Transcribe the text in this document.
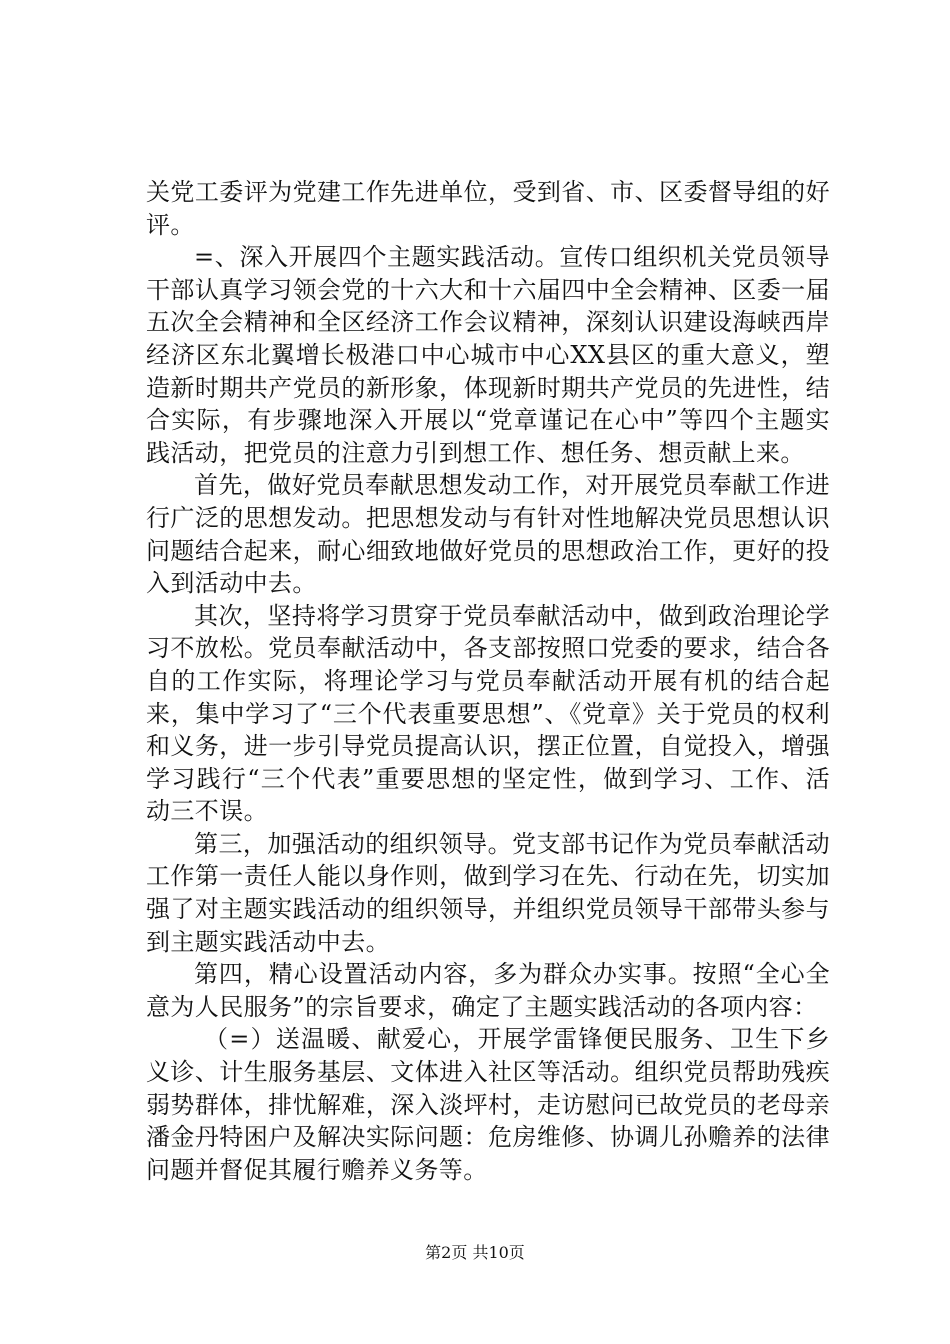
关党工委评为党建工作先进单位，受到省、市、区委督导组的好评。

=、深入开展四个主题实践活动。宣传口组织机关党员领导干部认真学习领会党的十六大和十六届四中全会精神、区委一届五次全会精神和全区经济工作会议精神，深刻认识建设海峡西岸经济区东北翼增长极港口中心城市中心XX县区的重大意义，塑造新时期共产党员的新形象，体现新时期共产党员的先进性，结合实际，有步骤地深入开展以“党章谨记在心中”等四个主题实践活动，把党员的注意力引到想工作、想任务、想贡献上来。

首先，做好党员奉献思想发动工作，对开展党员奉献工作进行广泛的思想发动。把思想发动与有针对性地解决党员思想认识问题结合起来，耐心细致地做好党员的思想政治工作，更好的投入到活动中去。

其次，坚持将学习贯穿于党员奉献活动中，做到政治理论学习不放松。党员奉献活动中，各支部按照口党委的要求，结合各自的工作实际，将理论学习与党员奉献活动开展有机的结合起来，集中学习了“三个代表重要思想”、《党章》关于党员的权利和义务，进一步引导党员提高认识，摆正位置，自觉投入，增强学习践行“三个代表”重要思想的坚定性，做到学习、工作、活动三不误。

第三，加强活动的组织领导。党支部书记作为党员奉献活动工作第一责任人能以身作则，做到学习在先、行动在先，切实加强了对主题实践活动的组织领导，并组织党员领导干部带头参与到主题实践活动中去。

第四，精心设置活动内容，多为群众办实事。按照“全心全意为人民服务”的宗旨要求，确定了主题实践活动的各项内容：

（=）送温暖、献爱心，开展学雷锋便民服务、卫生下乡义诊、计生服务基层、文体进入社区等活动。组织党员帮助残疾弱势群体，排忧解难，深入淡坪村，走访慰问已故党员的老母亲潘金丹特困户及解决实际问题：危房维修、协调儿孙赡养的法律问题并督促其履行赡养义务等。

第2页 共10页
